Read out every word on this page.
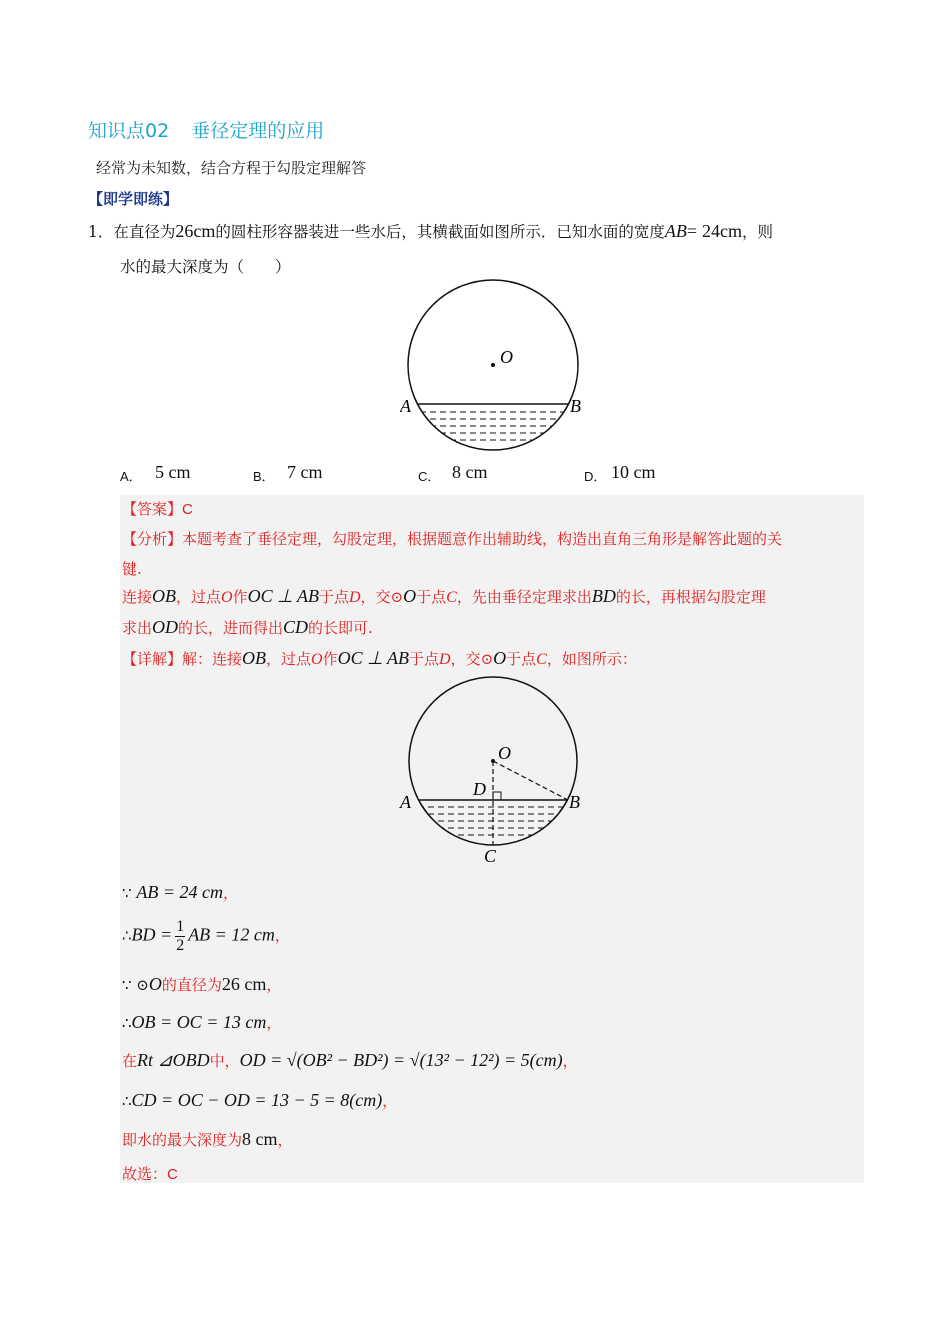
知识点02 垂径定理的应用
经常为未知数，结合方程于勾股定理解答
【即学即练】
1．在直径为26cm的圆柱形容器装进一些水后，其横截面如图所示．已知水面的宽度AB= 24cm，则
水的最大深度为（　　）
O
A	B
A． 5 cm	B． 7 cm	C． 8 cm	D． 10 cm
【答案】C
【分析】本题考查了垂径定理，勾股定理，根据题意作出辅助线，构造出直角三角形是解答此题的关
键.
连接OB，过点O作OC ⊥ AB于点D，交⊙O于点C，先由垂径定理求出BD的长，再根据勾股定理
求出OD的长，进而得出CD的长即可.
【详解】解：连接OB，过点O作OC ⊥ AB于点D，交⊙O于点C，如图所示：
O
D
A	B
C
∵ AB = 24 cm，
∴BD = $\frac{1}{2}$ AB = 12 cm，
∵ ⊙O的直径为26 cm，
∴OB = OC = 13 cm，
在Rt ⊿OBD中，OD = √(OB² − BD²) = √(13² − 12²) = 5(cm)，
∴CD = OC − OD = 13 − 5 = 8(cm)，
即水的最大深度为8 cm，
故选：C
